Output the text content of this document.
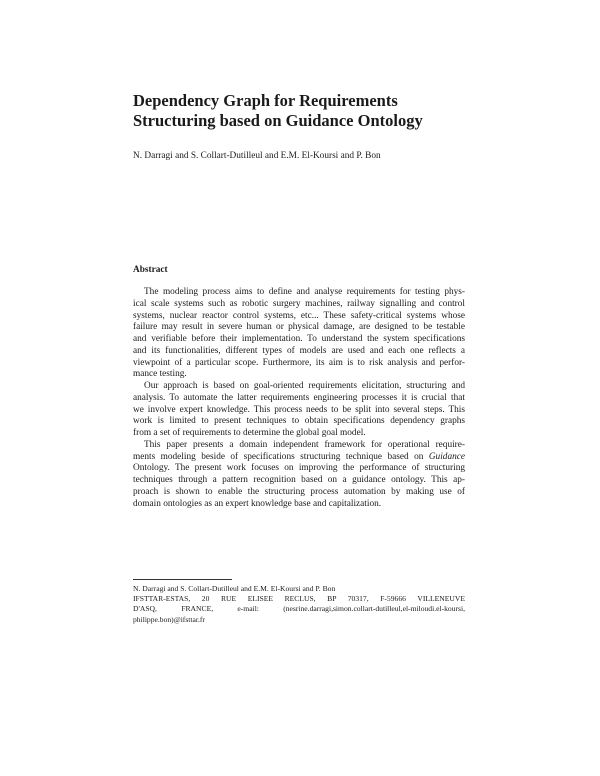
Dependency Graph for Requirements
Structuring based on Guidance Ontology
N. Darragi and S. Collart-Dutilleul and E.M. El-Koursi and P. Bon
Abstract
The modeling process aims to define and analyse requirements for testing phys-
ical scale systems such as robotic surgery machines, railway signalling and control
systems, nuclear reactor control systems, etc... These safety-critical systems whose
failure may result in severe human or physical damage, are designed to be testable
and verifiable before their implementation. To understand the system specifications
and its functionalities, different types of models are used and each one reflects a
viewpoint of a particular scope. Furthermore, its aim is to risk analysis and perfor-
mance testing.
Our approach is based on goal-oriented requirements elicitation, structuring and
analysis. To automate the latter requirements engineering processes it is crucial that
we involve expert knowledge. This process needs to be split into several steps. This
work is limited to present techniques to obtain specifications dependency graphs
from a set of requirements to determine the global goal model.
This paper presents a domain independent framework for operational require-
ments modeling beside of specifications structuring technique based on Guidance
Ontology. The present work focuses on improving the performance of structuring
techniques through a pattern recognition based on a guidance ontology. This ap-
proach is shown to enable the structuring process automation by making use of
domain ontologies as an expert knowledge base and capitalization.
N. Darragi and S. Collart-Dutilleul and E.M. El-Koursi and P. Bon
IFSTTAR-ESTAS, 20 RUE ELISEE RECLUS, BP 70317, F-59666 VILLENEUVE
D'ASQ, FRANCE, e-mail: (nesrine.darragi,simon.collart-dutilleul,el-miloudi.el-koursi,
philippe.bon)@ifsttar.fr
